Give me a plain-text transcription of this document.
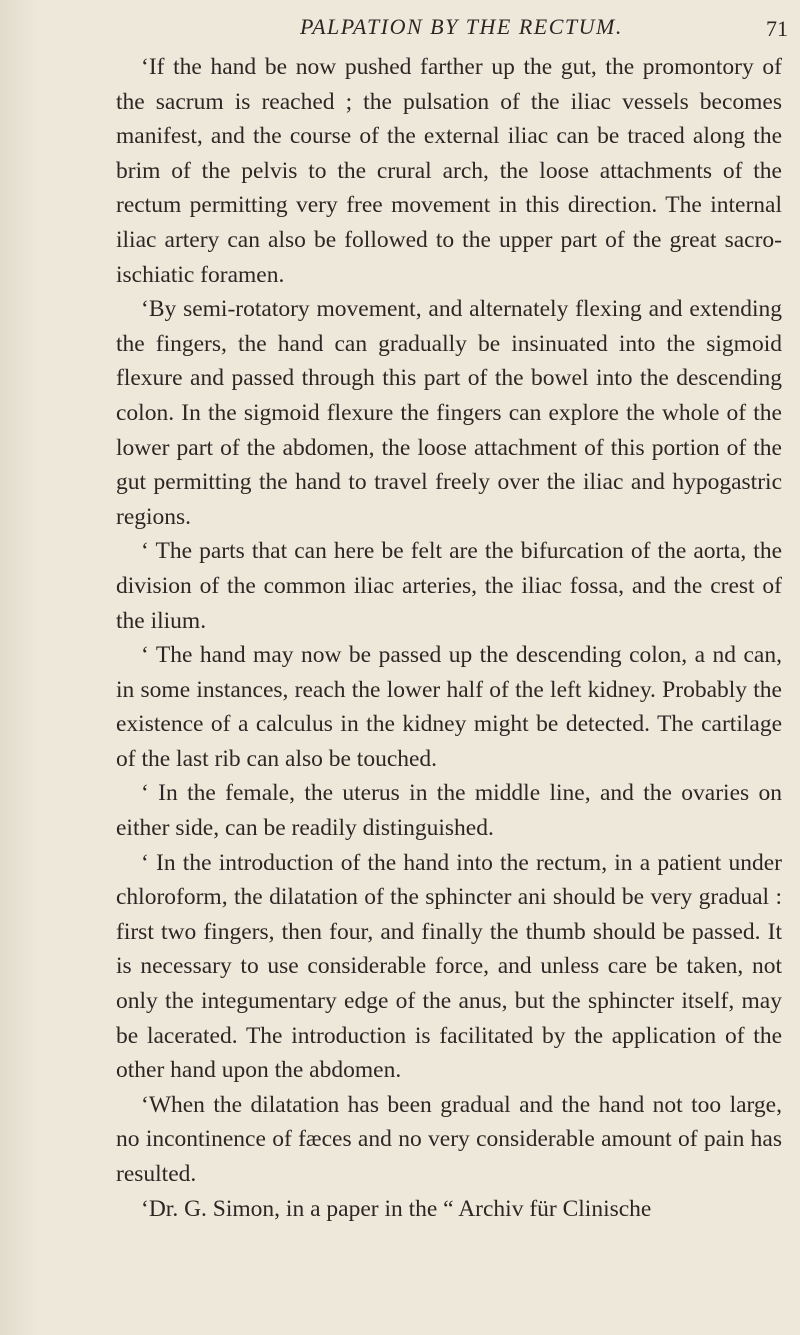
PALPATION BY THE RECTUM.	71

‘If the hand be now pushed farther up the gut, the promontory of the sacrum is reached ; the pulsation of the iliac vessels becomes manifest, and the course of the external iliac can be traced along the brim of the pelvis to the crural arch, the loose attachments of the rectum permitting very free movement in this direction. The internal iliac artery can also be followed to the upper part of the great sacro-ischiatic foramen.

‘By semi-rotatory movement, and alternately flexing and extending the fingers, the hand can gradually be insinuated into the sigmoid flexure and passed through this part of the bowel into the descending colon. In the sigmoid flexure the fingers can explore the whole of the lower part of the abdomen, the loose attachment of this portion of the gut permitting the hand to travel freely over the iliac and hypogastric regions.

‘ The parts that can here be felt are the bifurcation of the aorta, the division of the common iliac arteries, the iliac fossa, and the crest of the ilium.

‘ The hand may now be passed up the descending colon, a nd can, in some instances, reach the lower half of the left kidney. Probably the existence of a calculus in the kidney might be detected. The cartilage of the last rib can also be touched.

‘ In the female, the uterus in the middle line, and the ovaries on either side, can be readily distinguished.

‘ In the introduction of the hand into the rectum, in a patient under chloroform, the dilatation of the sphincter ani should be very gradual : first two fingers, then four, and finally the thumb should be passed. It is necessary to use considerable force, and unless care be taken, not only the integumentary edge of the anus, but the sphincter itself, may be lacerated. The introduction is facilitated by the application of the other hand upon the abdomen.

‘When the dilatation has been gradual and the hand not too large, no incontinence of fæces and no very considerable amount of pain has resulted.

‘Dr. G. Simon, in a paper in the “ Archiv für Clinische
